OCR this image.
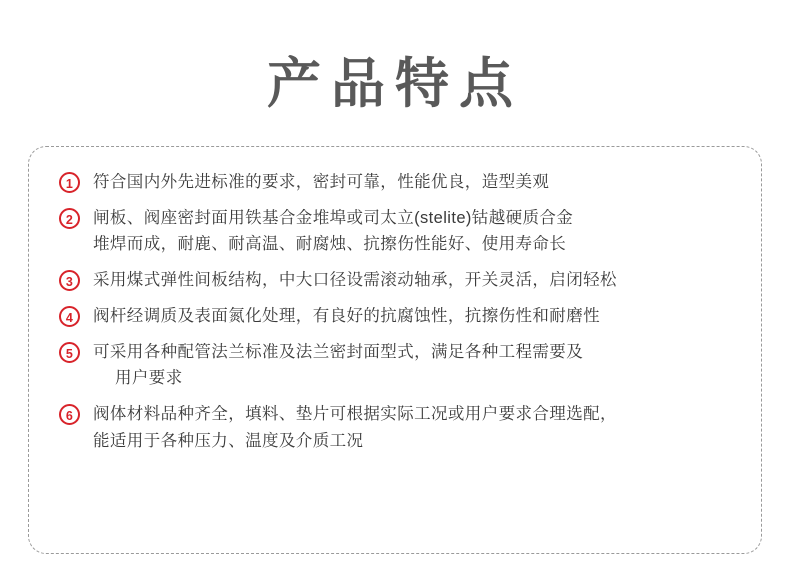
产品特点
1	符合国内外先进标准的要求，密封可靠，性能优良，造型美观
2	闸板、阀座密封面用铁基合金堆埠或司太立(stelite)钴越硬质合金
堆焊而成，耐鹿、耐高温、耐腐烛、抗擦伤性能好、使用寿命长
3	采用煤式弹性间板结构，中大口径设需滚动轴承，开关灵活，启闭轻松
4	阀杆经调质及表面氮化处理，有良好的抗腐蚀性，抗擦伤性和耐磨性
5	可采用各种配管法兰标准及法兰密封面型式，满足各种工程需要及
用户要求
6	阀体材料品种齐全，填料、垫片可根据实际工况或用户要求合理选配，
能适用于各种压力、温度及介质工况
